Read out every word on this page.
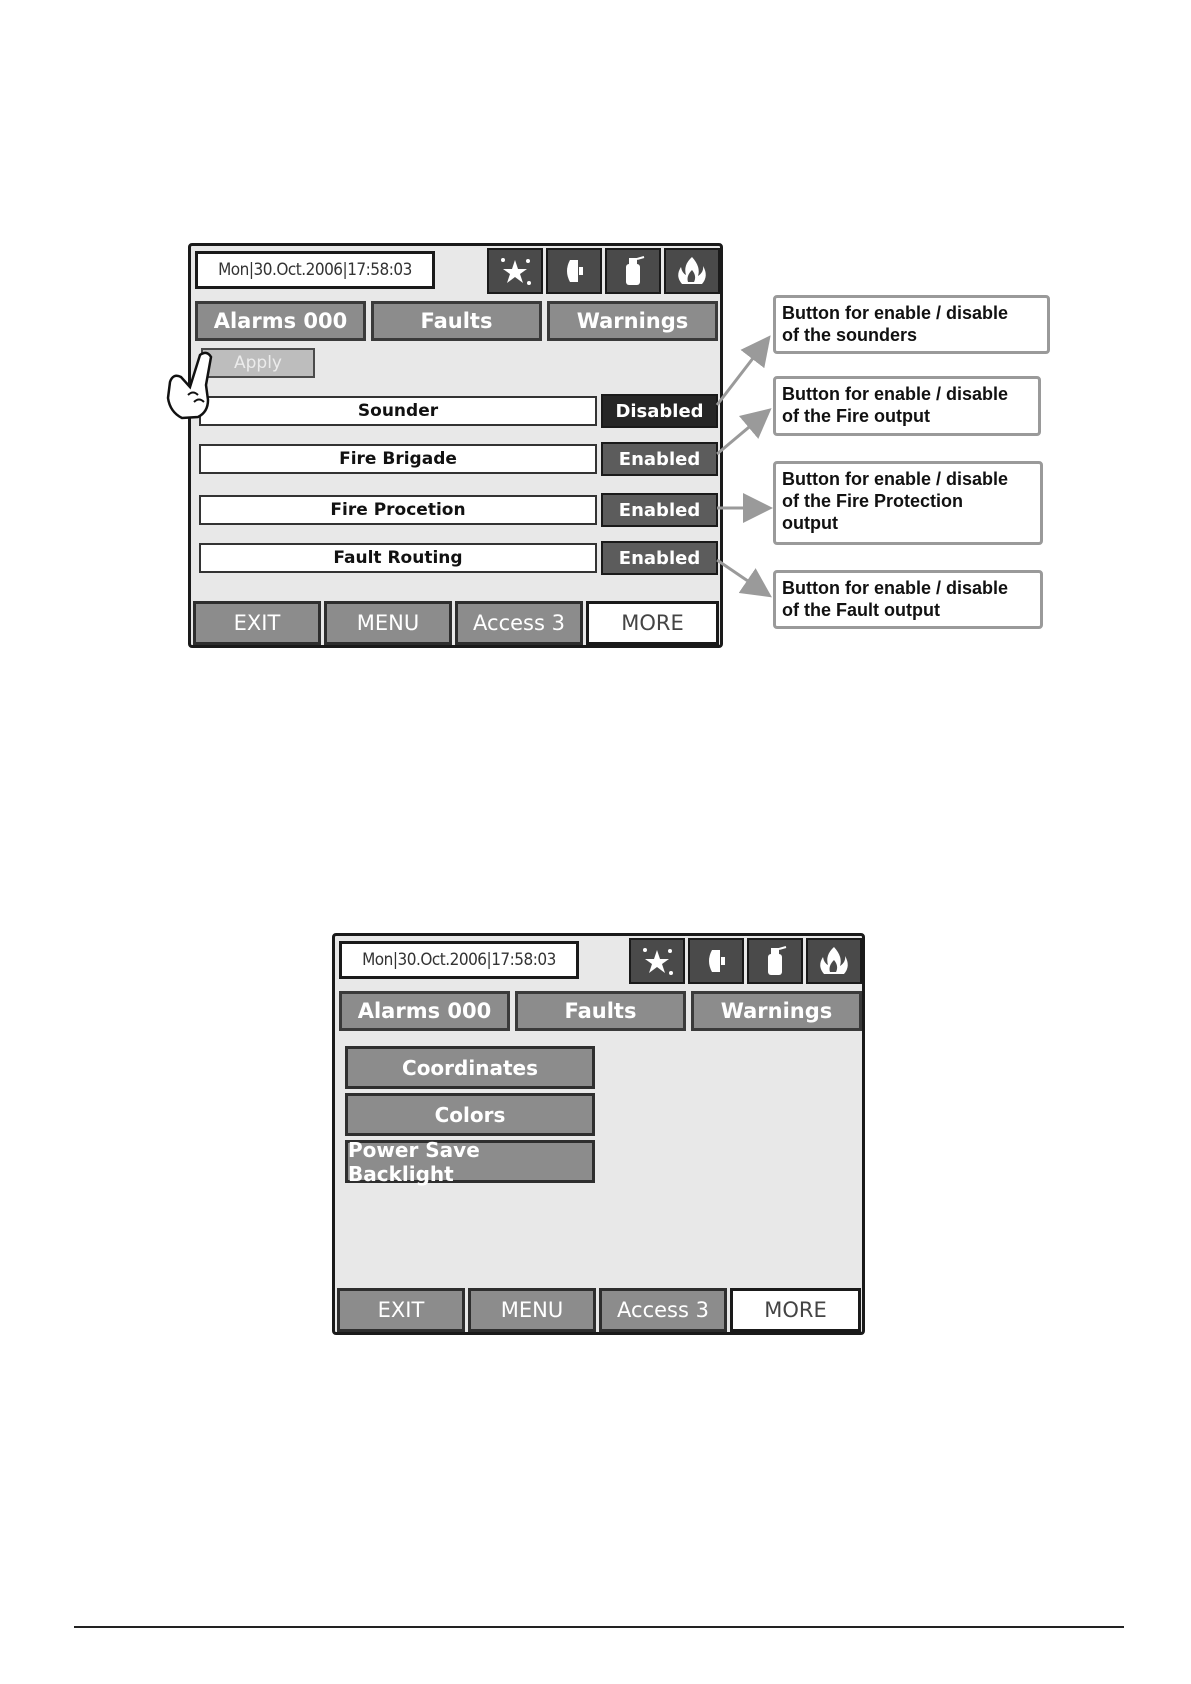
Mon|30.Oct.2006|17:58:03
Alarms 000	Faults	Warnings
Apply
Sounder	Disabled
Fire Brigade	Enabled
Fire Procetion	Enabled
Fault Routing	Enabled
EXIT	MENU	Access 3	MORE
Button for enable / disable
of the sounders
Button for enable / disable
of the Fire output
Button for enable / disable
of the Fire Protection
output
Button for enable / disable
of the Fault output
Mon|30.Oct.2006|17:58:03
Alarms 000	Faults	Warnings
Coordinates
Colors
Power Save Backlight
EXIT	MENU	Access 3	MORE
